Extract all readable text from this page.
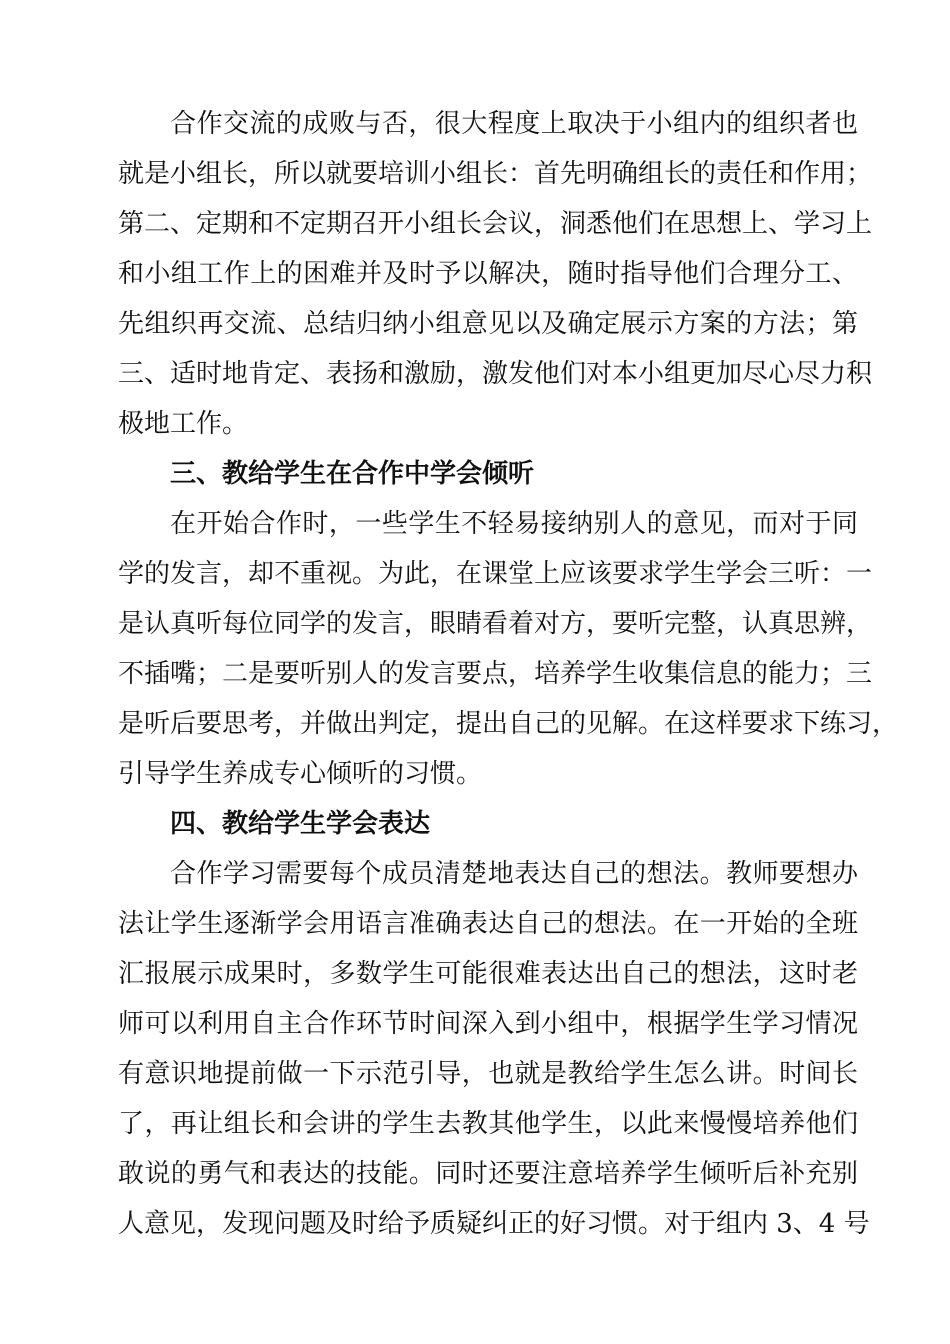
合作交流的成败与否，很大程度上取决于小组内的组织者也
就是小组长，所以就要培训小组长：首先明确组长的责任和作用；
第二、定期和不定期召开小组长会议，洞悉他们在思想上、学习上
和小组工作上的困难并及时予以解决，随时指导他们合理分工、
先组织再交流、总结归纳小组意见以及确定展示方案的方法；第
三、适时地肯定、表扬和激励，激发他们对本小组更加尽心尽力积
极地工作。
三、教给学生在合作中学会倾听
在开始合作时，一些学生不轻易接纳别人的意见，而对于同
学的发言，却不重视。为此，在课堂上应该要求学生学会三听：一
是认真听每位同学的发言，眼睛看着对方，要听完整，认真思辨，
不插嘴；二是要听别人的发言要点，培养学生收集信息的能力；三
是听后要思考，并做出判定，提出自己的见解。在这样要求下练习，
引导学生养成专心倾听的习惯。
四、教给学生学会表达
合作学习需要每个成员清楚地表达自己的想法。教师要想办
法让学生逐渐学会用语言准确表达自己的想法。在一开始的全班
汇报展示成果时，多数学生可能很难表达出自己的想法，这时老
师可以利用自主合作环节时间深入到小组中，根据学生学习情况
有意识地提前做一下示范引导，也就是教给学生怎么讲。时间长
了，再让组长和会讲的学生去教其他学生，以此来慢慢培养他们
敢说的勇气和表达的技能。同时还要注意培养学生倾听后补充别
人意见，发现问题及时给予质疑纠正的好习惯。对于组内 3、4 号
